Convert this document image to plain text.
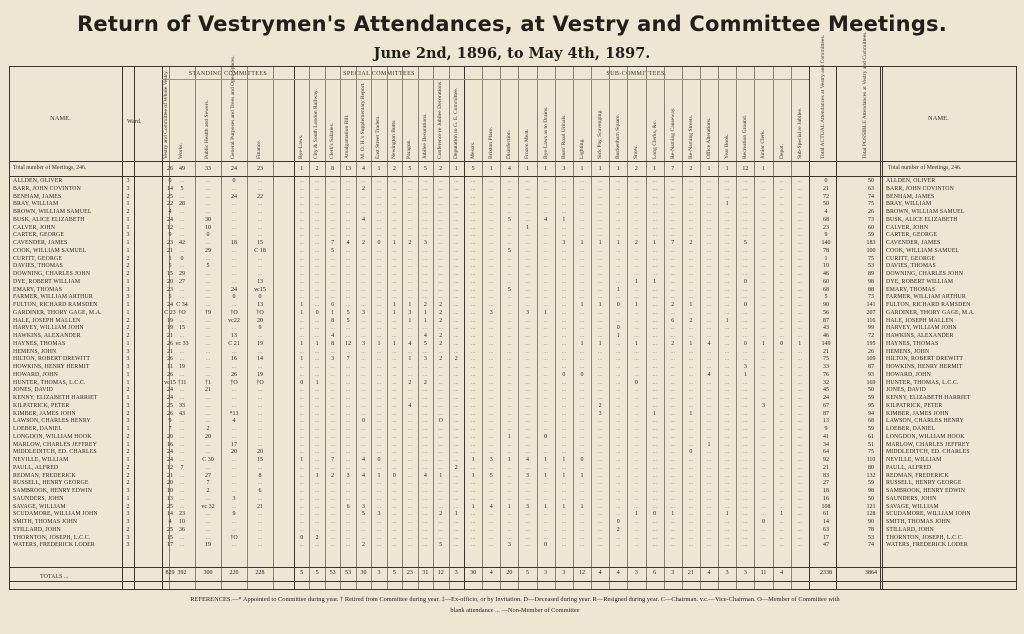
Return of Vestrymen's Attendances, at Vestry and Committee Meetings.
June 2nd, 1896, to May 4th, 1897.
NAME.	Ward.
STANDING COMMITTEES	SPECIAL COMMITTEES	SUB-COMMITTEES.
NAME.
Total number of Meetings, 246.	Total number of Meetings, 246.
TOTALS ...
Vestry and Committee of Whole Vestry. Works.	Public Health and Sewers.	General Purposes and Trees and Open Spaces.	Finance.	Bye-Laws. City & South London Railway. Clerk's Salaries. Amalgamation Bill. M. O. H.'s Supplementary Report. East Street Traders. Newington Butts. Paragon. Jubilee Decorations. Conference re Jubilee Decorations. Deputation to G. E. Committee. Messrs. Brixton Place. Disinfection. Frozen Meat. Bye-Laws as to Drains. Burn' Road Urinals. Lighting. Sick Pay, Scavenging. Buckenham Square. Snow. Long Clerks, &c. Re-Naming Causeway. Re-Naming Streets. Office Alterations. Year Book. Recreation Ground. Junior Clerk. Depot. Sub-Special re Jubilee.	Total ACTUAL Attendances at Vestry and Committees.	Total POSSIBLE Attendances at Vestry and Committees.
26	49	33	24	23	1	2	8	13	4	1	2	5	5	2	1	5	1	4	1	1	3	1	1	1	2	1	7	2	1	1	12	1
ALLDEN, OLIVER	3	0	...	...	0	...	...	...	...	...	...	...	...	...	...	...	...	...	...	...	...	...	...	...	...	...	...	...	...	...	...	...	...	...	...	...	0	50	ALLDEN, OLIVER
BARR, JOHN COVINTON	3	14	5	...	...	...	...	...	...	...	2	...	...	...	...	...	...	...	...	...	...	...	...	...	...	...	...	...	...	...	...	...	...	...	...	...	21	63	BARR, JOHN COVINTON
BENHAM, JAMES	2	25	...	...	24	22	...	...	...	...	...	...	...	...	...	...	...	...	...	...	...	...	...	...	...	...	...	...	...	...	...	...	...	...	...	...	72	74	BENHAM, JAMES
BRAY, WILLIAM	1	22	28	...	...	...	...	...	...	...	...	...	...	...	...	...	...	...	...	...	...	...	...	...	...	...	...	...	...	...	...	1	...	...	...	...	50	75	BRAY, WILLIAM
BROWN, WILLIAM SAMUEL	2	4	...	...	...	...	...	...	...	...	...	...	...	...	...	...	...	...	...	...	...	...	...	...	...	...	...	...	...	...	...	...	...	...	...	...	4	26	BROWN, WILLIAM SAMUEL
BUSK, ALICE ELIZABETH	1	24	...	30	...	...	...	...	...	...	4	...	...	...	...	...	...	...	...	5	...	4	1	...	...	...	...	...	...	...	...	...	...	...	...	...	68	73	BUSK, ALICE ELIZABETH
CALVER, JOHN	1	12	...	10	...	...	...	...	...	...	...	...	...	...	...	...	...	...	...	...	1	...	...	...	...	...	...	...	...	...	...	...	...	...	...	...	23	60	CALVER, JOHN
CARTER, GEORGE	3	9	...	0	...	...	...	...	...	...	...	...	...	...	...	...	...	...	...	...	...	...	...	...	...	...	...	...	...	...	...	...	...	...	...	...	9	59	CARTER, GEORGE
CAVENDER, JAMES	1	23	42	...	18	15	...	...	7	4	2	0	1	2	3	...	...	...	...	...	...	...	3	1	1	1	2	1	7	2	...	...	5	...	...	...	140	183	CAVENDER, JAMES
COOK, WILLIAM SAMUEL	1	21	...	29	...	C 18	...	...	5	...	...	...	...	...	...	...	...	...	...	5	...	...	...	...	...	...	...	...	...	...	...	...	...	...	...	...	78	100	COOK, WILLIAM SAMUEL
CURITT, GEORGE	2	1	0	...	...	...	...	...	...	...	...	...	...	...	...	...	...	...	...	...	...	...	...	...	...	...	...	...	...	...	...	...	...	...	...	...	1	75	CURITT, GEORGE
DAVIES, THOMAS	2	5	...	5	...	...	...	...	...	...	...	...	...	...	...	...	...	...	...	...	...	...	...	...	...	...	...	...	...	...	...	...	...	...	...	...	10	53	DAVIES, THOMAS
DOWNING, CHARLES JOHN	2	15	29	...	...	...	...	...	...	...	...	...	...	...	...	...	...	...	...	...	...	...	...	...	...	...	...	...	...	...	...	...	...	...	...	...	46	89	DOWNING, CHARLES JOHN
DYE, ROBERT WILLIAM	1	20	27	...	...	13	...	...	...	...	...	...	...	...	...	...	...	...	...	...	...	...	...	...	...	...	1	1	...	...	...	...	0	...	...	...	60	98	DYE, ROBERT WILLIAM
EMARY, THOMAS	3	23	...	...	24	vc15	...	...	...	...	...	...	...	...	...	...	...	...	...	5	...	...	...	...	...	1	...	...	...	...	...	...	...	...	...	...	68	88	EMARY, THOMAS
FARMER, WILLIAM ARTHUR	3	5	...	...	0	0	...	...	...	...	...	...	...	...	...	...	...	...	...	...	...	...	...	...	...	...	...	...	...	...	...	...	...	...	...	...	5	73	FARMER, WILLIAM ARTHUR
FULTON, RICHARD RAMSDEN	1	24 C 34	...	...	13	1	...	6	...	...	...	1	1	2	2	...	...	...	...	...	...	...	1	1	0	1	...	2	1	...	...	0	...	...	...	90	141	FULTON, RICHARD RAMSDEN
GARDINER, THORY GAGE, M.A.	1	C 23 †O	†9	†O	†O	1	0	1	5	3	...	1	3	1	2	...	...	3	...	3	1	...	...	...	...	...	...	...	...	...	...	...	...	...	...	56	207	GARDINER, THORY GAGE, M.A.
HALE, JOSEPH MALLEN	2	19	...	...	vc22	20	...	...	8	5	...	...	...	1	1	2	...	...	...	...	...	...	...	...	...	...	...	...	6	2	...	1	...	...	...	...	87	116	HALE, JOSEPH MALLEN
HARVEY, WILLIAM JOHN	2	19	15	...	...	9	...	...	...	...	...	...	...	...	...	...	...	...	...	...	...	...	...	...	...	0	...	...	...	...	...	...	...	...	...	...	43	99	HARVEY, WILLIAM JOHN
HAWKINS, ALEXANDER	2	21	...	...	13	...	...	...	4	...	...	...	...	...	4	2	...	...	...	...	...	...	...	...	...	1	...	...	...	...	...	...	...	...	...	...	46	72	HAWKINS, ALEXANDER
HAYNES, THOMAS	1	26 vc 33	...	C 21	19	1	1	8	12	3	1	1	4	5	2	...	...	...	...	...	...	...	1	1	...	1	...	2	1	4	...	0	1	0	1	149	195	HAYNES, THOMAS
HEMENS, JOHN	3	21	...	...	...	...	...	...	...	...	...	...	...	...	...	...	...	...	...	...	...	...	...	...	...	...	...	...	...	...	...	...	...	...	...	...	21	26	HEMENS, JOHN
HILTON, ROBERT DREWITT	3	26	...	...	16	14	1	...	3	7	...	...	...	1	3	2	2	...	...	...	...	...	...	...	...	...	...	...	...	...	...	...	...	...	...	...	75	109	HILTON, ROBERT DREWITT
HOWKINS, HENRY HERMIT	3	11	19	...	...	...	...	...	...	...	...	...	...	...	...	...	...	...	...	...	...	...	...	...	...	...	...	...	...	...	...	...	3	...	...	...	33	87	HOWKINS, HENRY HERMIT
HOWARD, JOHN	1	26	...	...	26	19	...	...	...	...	...	...	...	...	...	...	...	...	...	...	...	...	0	0	...	...	...	...	...	...	4	...	1	...	...	...	76	93	HOWARD, JOHN
HUNTER, THOMAS, L.C.C.	1	vc15 †11	†1	†O	†O	0	1	...	...	...	...	...	2	2	...	...	...	...	...	...	...	...	...	...	...	0	...	...	...	...	...	...	...	...	...	32	169	HUNTER, THOMAS, L.C.C.
JONES, DAVID	2	24	...	21	...	...	...	...	...	...	...	...	...	...	...	...	...	...	...	...	...	...	...	...	...	...	...	...	...	...	...	...	...	...	...	...	45	50	JONES, DAVID
KENNY, ELIZABETH HARRIET	1	24	...	...	...	...	...	...	...	...	...	...	...	...	...	...	...	...	...	...	...	...	...	...	...	...	...	...	...	...	...	...	...	...	...	...	24	59	KENNY, ELIZABETH HARRIET
KILPATRICK, PETER	3	25	33	...	...	...	...	...	...	...	...	...	...	4	...	...	...	...	...	...	...	...	...	...	2	...	...	...	...	...	...	...	...	3	...	...	67	95	KILPATRICK, PETER
KIMBER, JAMES JOHN	2	26	43	...	*13	...	...	...	...	...	...	...	...	...	...	...	...	...	...	...	...	...	...	...	3	...	...	1	...	1	...	...	...	...	...	...	87	94	KIMBER, JAMES JOHN
LAWSON, CHARLES HENRY	3	9	...	...	4	...	...	...	...	...	0	...	...	...	...	O	...	...	...	...	...	...	...	...	...	...	...	...	...	...	...	...	...	...	...	...	13	68	LAWSON, CHARLES HENRY
LOEBER, DANIEL	1	7	...	2	...	...	...	...	...	...	...	...	...	...	...	...	...	...	...	...	...	...	...	...	...	...	...	...	...	...	...	...	...	...	...	...	9	59	LOEBER, DANIEL
LONGDON, WILLIAM HOOK	2	20	...	20	...	...	...	...	...	...	...	...	...	...	...	...	...	...	...	1	...	0	...	...	...	...	...	...	...	...	...	...	...	...	...	...	41	61	LONGDON, WILLIAM HOOK
MARLOW, CHARLES JEFFREY	1	16	...	...	17	...	...	...	...	...	...	...	...	...	...	...	...	...	...	...	...	...	...	...	...	...	...	...	...	...	1	...	...	...	...	...	34	51	MARLOW, CHARLES JEFFREY
MIDDLEDITCH, ED. CHARLES	2	24	...	...	20	20	...	...	...	...	...	...	...	...	...	...	...	...	...	...	...	...	...	...	...	...	...	...	...	0	...	...	...	...	...	...	64	75	MIDDLEDITCH, ED. CHARLES
NEVILLE, WILLIAM	1	24	...	C 30	...	15	1	...	7	...	4	0	...	...	...	...	...	1	3	1	4	1	1	0	...	...	...	...	...	...	...	...	...	...	...	...	92	110	NEVILLE, WILLIAM
PAULL, ALFRED	2	12	7	...	...	...	...	...	...	...	...	...	...	...	...	...	2	...	...	...	...	...	...	...	...	...	...	...	...	...	...	...	...	...	...	...	21	80	PAULL, ALFRED
REDMAN, FREDERICK	2	21	...	27	...	8	...	1	2	3	4	1	0	...	4	1	...	1	5	...	3	1	1	1	...	...	...	...	...	...	...	...	...	...	...	...	83	132	REDMAN, FREDERICK
RUSSELL, HENRY GEORGE	2	20	...	7	...	...	...	...	...	...	...	...	...	...	...	...	...	...	...	...	...	...	...	...	...	...	...	...	...	...	...	...	...	...	...	...	27	59	RUSSELL, HENRY GEORGE
SAMBROOK, HENRY EDWIN	3	10	...	2	...	6	...	...	...	...	...	...	...	...	...	...	...	...	...	...	...	...	...	...	...	...	...	...	...	...	...	...	...	...	...	...	18	98	SAMBROOK, HENRY EDWIN
SAUNDERS, JOHN	1	13	...	...	3	...	...	...	...	...	...	...	...	...	...	...	...	...	...	...	...	...	...	...	...	...	...	...	...	...	...	...	...	...	...	...	16	50	SAUNDERS, JOHN
SAVAGE, WILLIAM	2	25	...	vc 32	...	21	...	...	...	6	3	...	...	...	...	...	...	1	4	1	3	1	1	1	...	...	...	...	...	...	...	...	...	...	...	...	108	121	SAVAGE, WILLIAM
SCUDAMORE, WILLIAM JOHN	3	14	23	...	9	...	...	...	...	...	5	3	...	...	...	2	1	...	...	...	...	...	...	...	...	...	1	0	1	...	...	1	...	...	1	...	61	128	SCUDAMORE, WILLIAM JOHN
SMITH, THOMAS JOHN	3	4	10	...	...	...	...	...	...	...	...	...	...	...	...	...	...	...	...	...	...	...	...	...	...	0	...	...	...	...	...	...	...	0	...	...	14	90	SMITH, THOMAS JOHN
STILLARD, JOHN	2	25	36	...	...	...	...	...	...	...	...	...	...	...	...	...	...	...	...	...	...	...	...	...	...	2	...	...	...	...	...	...	...	...	...	...	63	78	STILLARD, JOHN
THORNTON, JOSEPH, L.C.C.	3	15	...	...	†O	...	0	2	...	...	...	...	...	...	...	...	...	...	...	...	...	...	...	...	...	...	...	...	...	...	...	...	...	...	...	...	17	53	THORNTON, JOSEPH, L.C.C.
WATERS, FREDERICK LODER	3	17	...	19	...	...	...	...	...	...	2	...	...	...	...	5	...	...	...	3	...	0	...	...	...	...	...	...	...	...	...	...	...	...	...	...	47	74	WATERS, FREDERICK LODER
829 392	300	220	228	5	5	53	53	30	3	5	23	31	12	3	30	4	20	5	3	3	12	4	4	3	6	3	21	4	3	3	11	4	2338	3864
REFERENCES.—* Appointed to Committee during year. † Retired from Committee during year. ‡—Ex-officio, or by Invitation. D—Deceased during year. R—Resigned during year. C—Chairman. v.c.—Vice-Chairman. O—Member of Committee with
blank attendance ... —Non-Member of Committee
